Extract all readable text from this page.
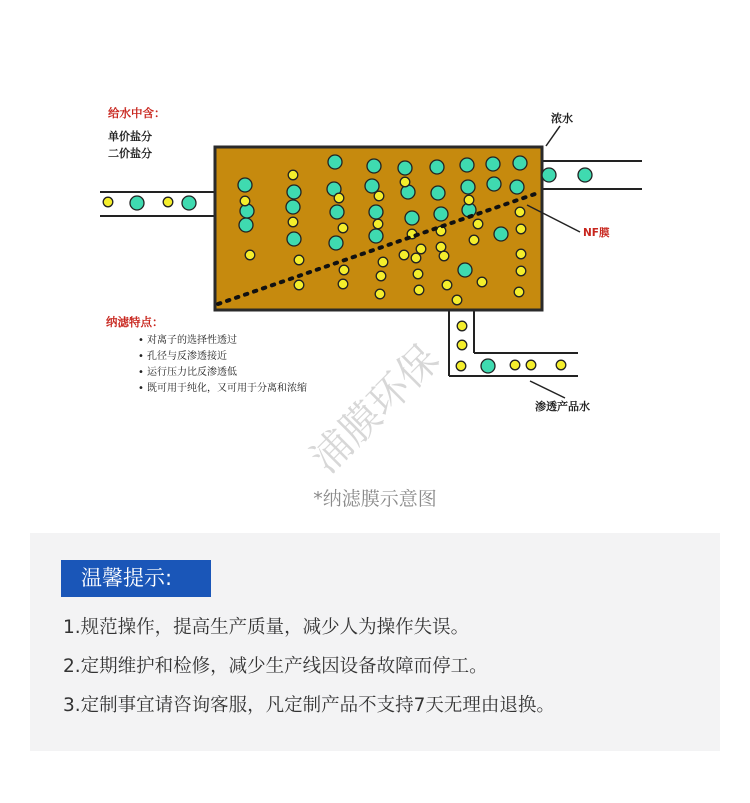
给水中含：
单价盐分
二价盐分
浓水
NF膜
渗透产品水
纳滤特点：
• 对离子的选择性透过
• 孔径与反渗透接近
• 运行压力比反渗透低
• 既可用于纯化，又可用于分离和浓缩
浦膜环保
*纳滤膜示意图
温馨提示:
1.规范操作，提高生产质量，减少人为操作失误。
2.定期维护和检修，减少生产线因设备故障而停工。
3.定制事宜请咨询客服，凡定制产品不支持7天无理由退换。
